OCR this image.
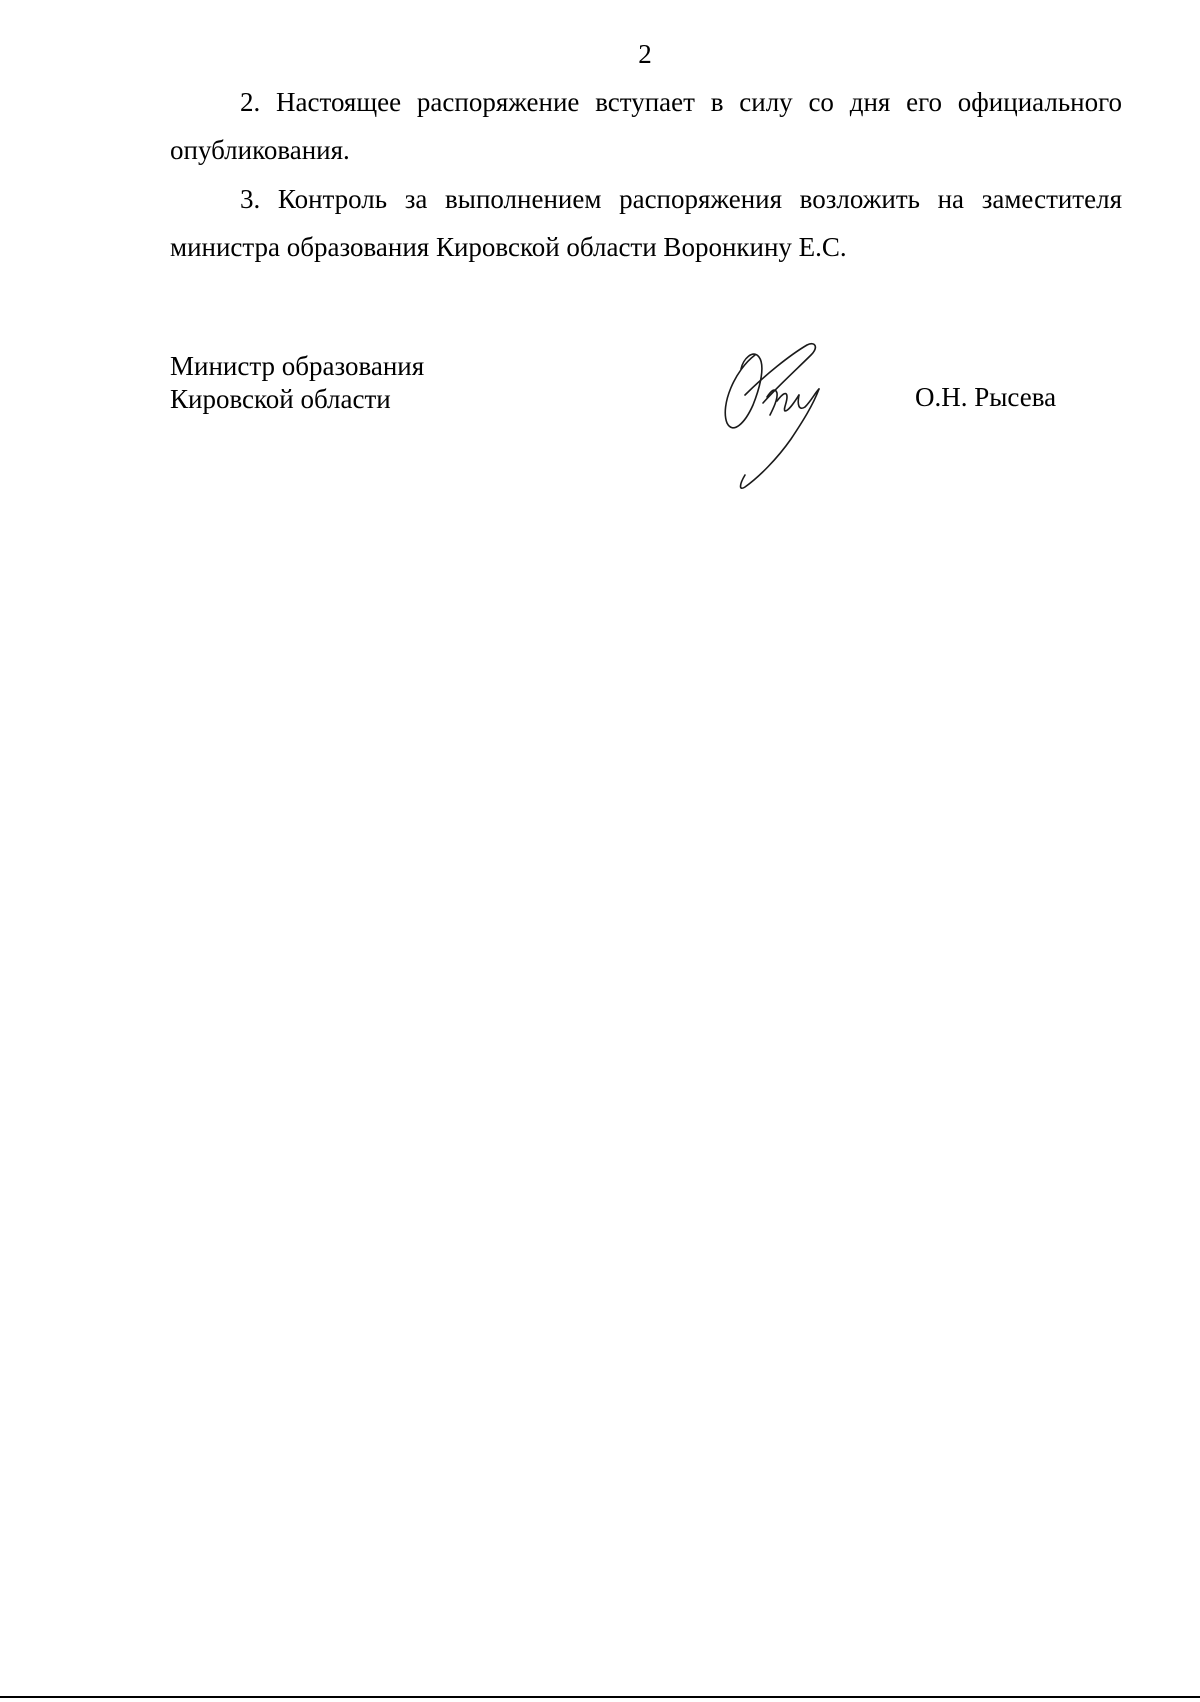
2

2. Настоящее распоряжение вступает в силу со дня его официального опубликования.

3. Контроль за выполнением распоряжения возложить на заместителя министра образования Кировской области Воронкину Е.С.

Министр образования
Кировской области	О.Н. Рысева
